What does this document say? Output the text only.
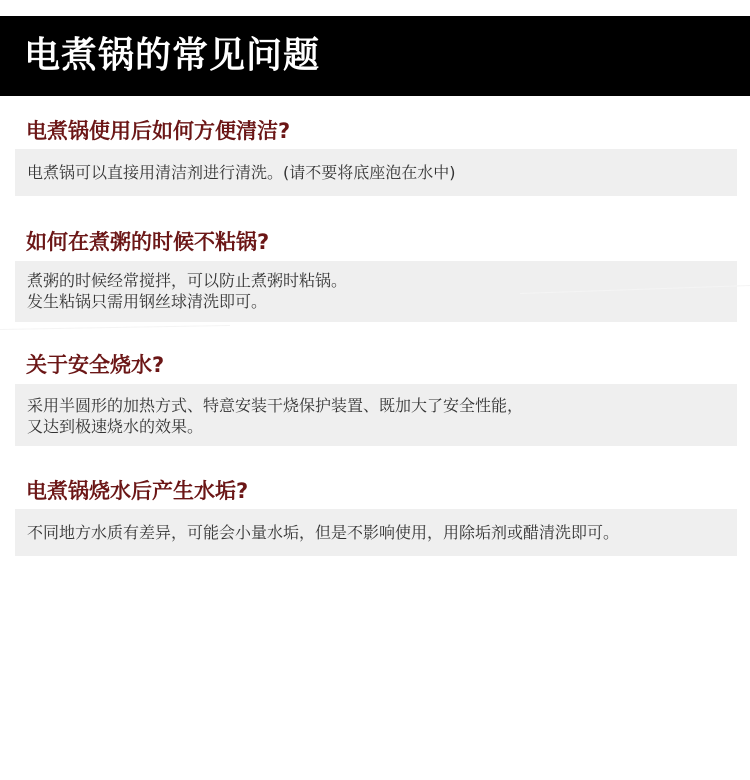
电煮锅的常见问题
电煮锅使用后如何方便清洁?
电煮锅可以直接用清洁剂进行清洗。(请不要将底座泡在水中)
如何在煮粥的时候不粘锅?
煮粥的时候经常搅拌，可以防止煮粥时粘锅。
发生粘锅只需用钢丝球清洗即可。
关于安全烧水?
采用半圆形的加热方式、特意安装干烧保护装置、既加大了安全性能，
又达到极速烧水的效果。
电煮锅烧水后产生水垢?
不同地方水质有差异，可能会小量水垢，但是不影响使用，用除垢剂或醋清洗即可。
